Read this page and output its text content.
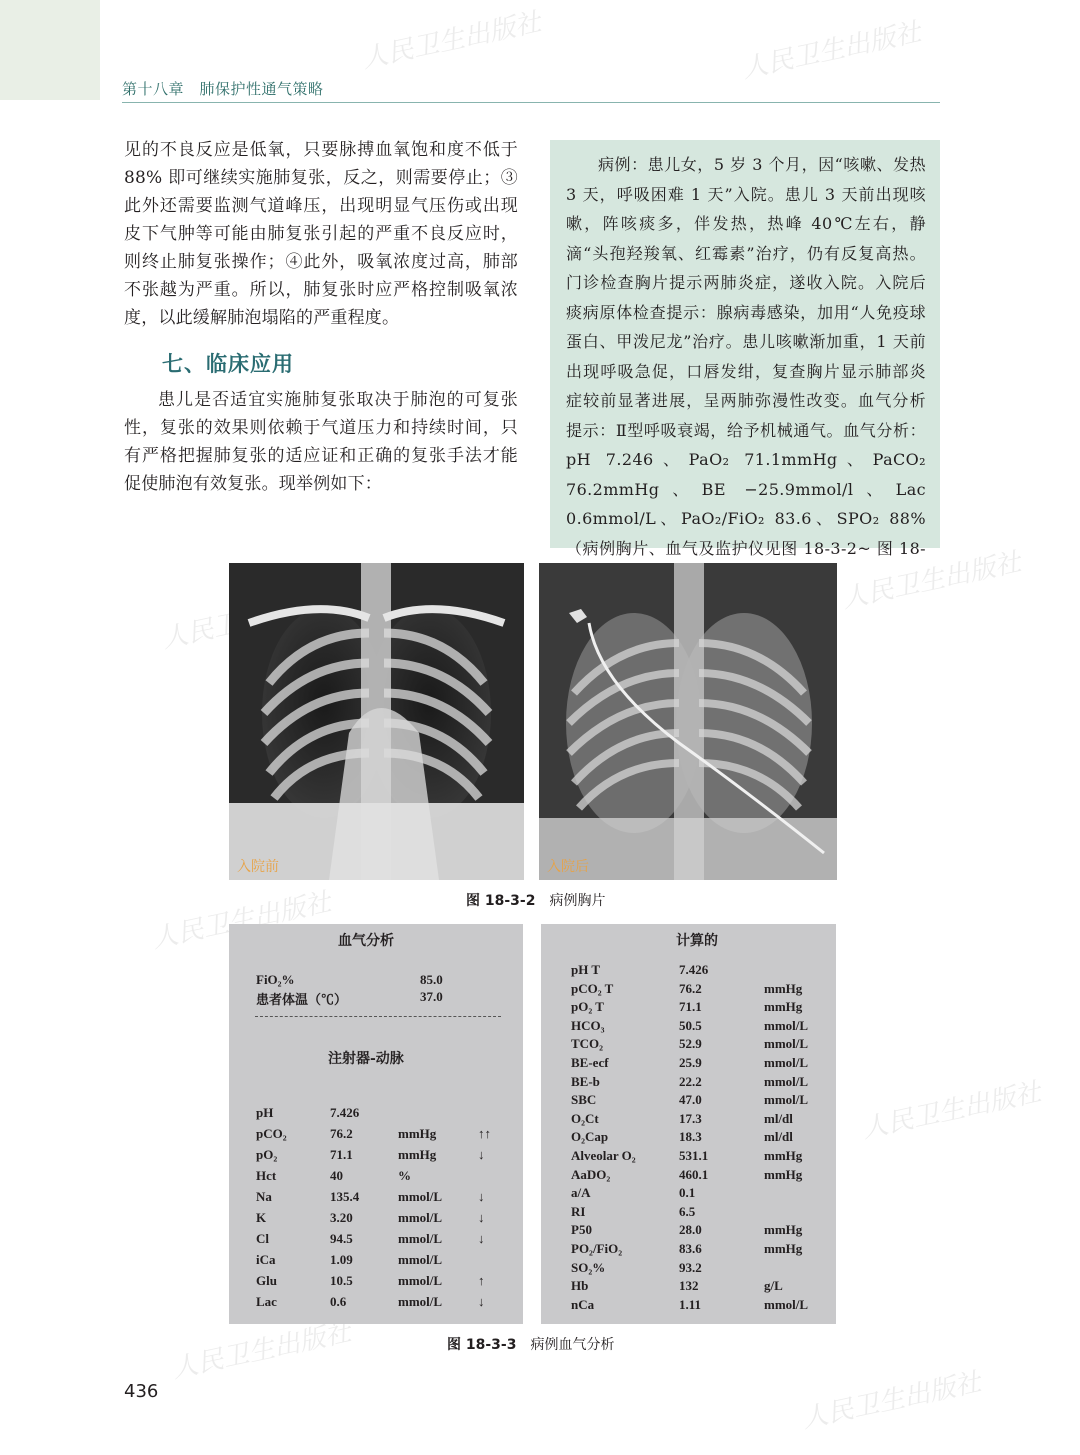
人民卫生出版社	人民卫生出版社
人民卫生出版社
人民卫生出版社
人民卫生出版社
人民卫生出版社
人民卫生出版社
第十八章　肺保护性通气策略

见的不良反应是低氧，只要脉搏血氧饱和度不低于 88% 即可继续实施肺复张，反之，则需要停止；③此外还需要监测气道峰压，出现明显气压伤或出现皮下气肿等可能由肺复张引起的严重不良反应时，则终止肺复张操作；④此外，吸氧浓度过高，肺部不张越为严重。所以，肺复张时应严格控制吸氧浓度，以此缓解肺泡塌陷的严重程度。

七、临床应用

患儿是否适宜实施肺复张取决于肺泡的可复张性，复张的效果则依赖于气道压力和持续时间，只有严格把握肺复张的适应证和正确的复张手法才能促使肺泡有效复张。现举例如下：

病例：患儿女，5 岁 3 个月，因“咳嗽、发热 3 天，呼吸困难 1 天”入院。患儿 3 天前出现咳嗽，阵咳痰多，伴发热，热峰 40℃左右，静滴“头孢羟羧氧、红霉素”治疗，仍有反复高热。门诊检查胸片提示两肺炎症，遂收入院。入院后痰病原体检查提示：腺病毒感染，加用“人免疫球蛋白、甲泼尼龙”治疗。患儿咳嗽渐加重，1 天前出现呼吸急促，口唇发绀，复查胸片显示肺部炎症较前显著进展，呈两肺弥漫性改变。血气分析提示：Ⅱ型呼吸衰竭，给予机械通气。血气分析：pH 7.246、PaO₂ 71.1mmHg、PaCO₂ 76.2mmHg、BE −25.9mmol/l、Lac 0.6mmol/L、PaO₂/FiO₂ 83.6、SPO₂ 88%（病例胸片、血气及监护仪见图 18-3-2~ 图 18-

入院前	入院后
图 18-3-2 病例胸片
血气分析
FiO₂%	85.0
患者体温（℃）	37.0
注射器-动脉
pH	7.426
pCO₂	76.2	mmHg	↑↑
pO₂	71.1	mmHg	↓
Hct	40	%
Na	135.4	mmol/L	↓
K	3.20	mmol/L	↓
Cl	94.5	mmol/L	↓
iCa	1.09	mmol/L
Glu	10.5	mmol/L	↑
Lac	0.6	mmol/L	↓
计算的
pH T	7.426
pCO₂ T	76.2	mmHg
pO₂ T	71.1	mmHg
HCO₃	50.5	mmol/L
TCO₂	52.9	mmol/L
BE-ecf	25.9	mmol/L
BE-b	22.2	mmol/L
SBC	47.0	mmol/L
O₂Ct	17.3	ml/dl
O₂Cap	18.3	ml/dl
Alveolar O₂	531.1	mmHg
AaDO₂	460.1	mmHg
a/A	0.1
RI	6.5
P50	28.0	mmHg
PO₂/FiO₂	83.6	mmHg
SO₂%	93.2
Hb	132	g/L
nCa	1.11	mmol/L
图 18-3-3 病例血气分析
436
